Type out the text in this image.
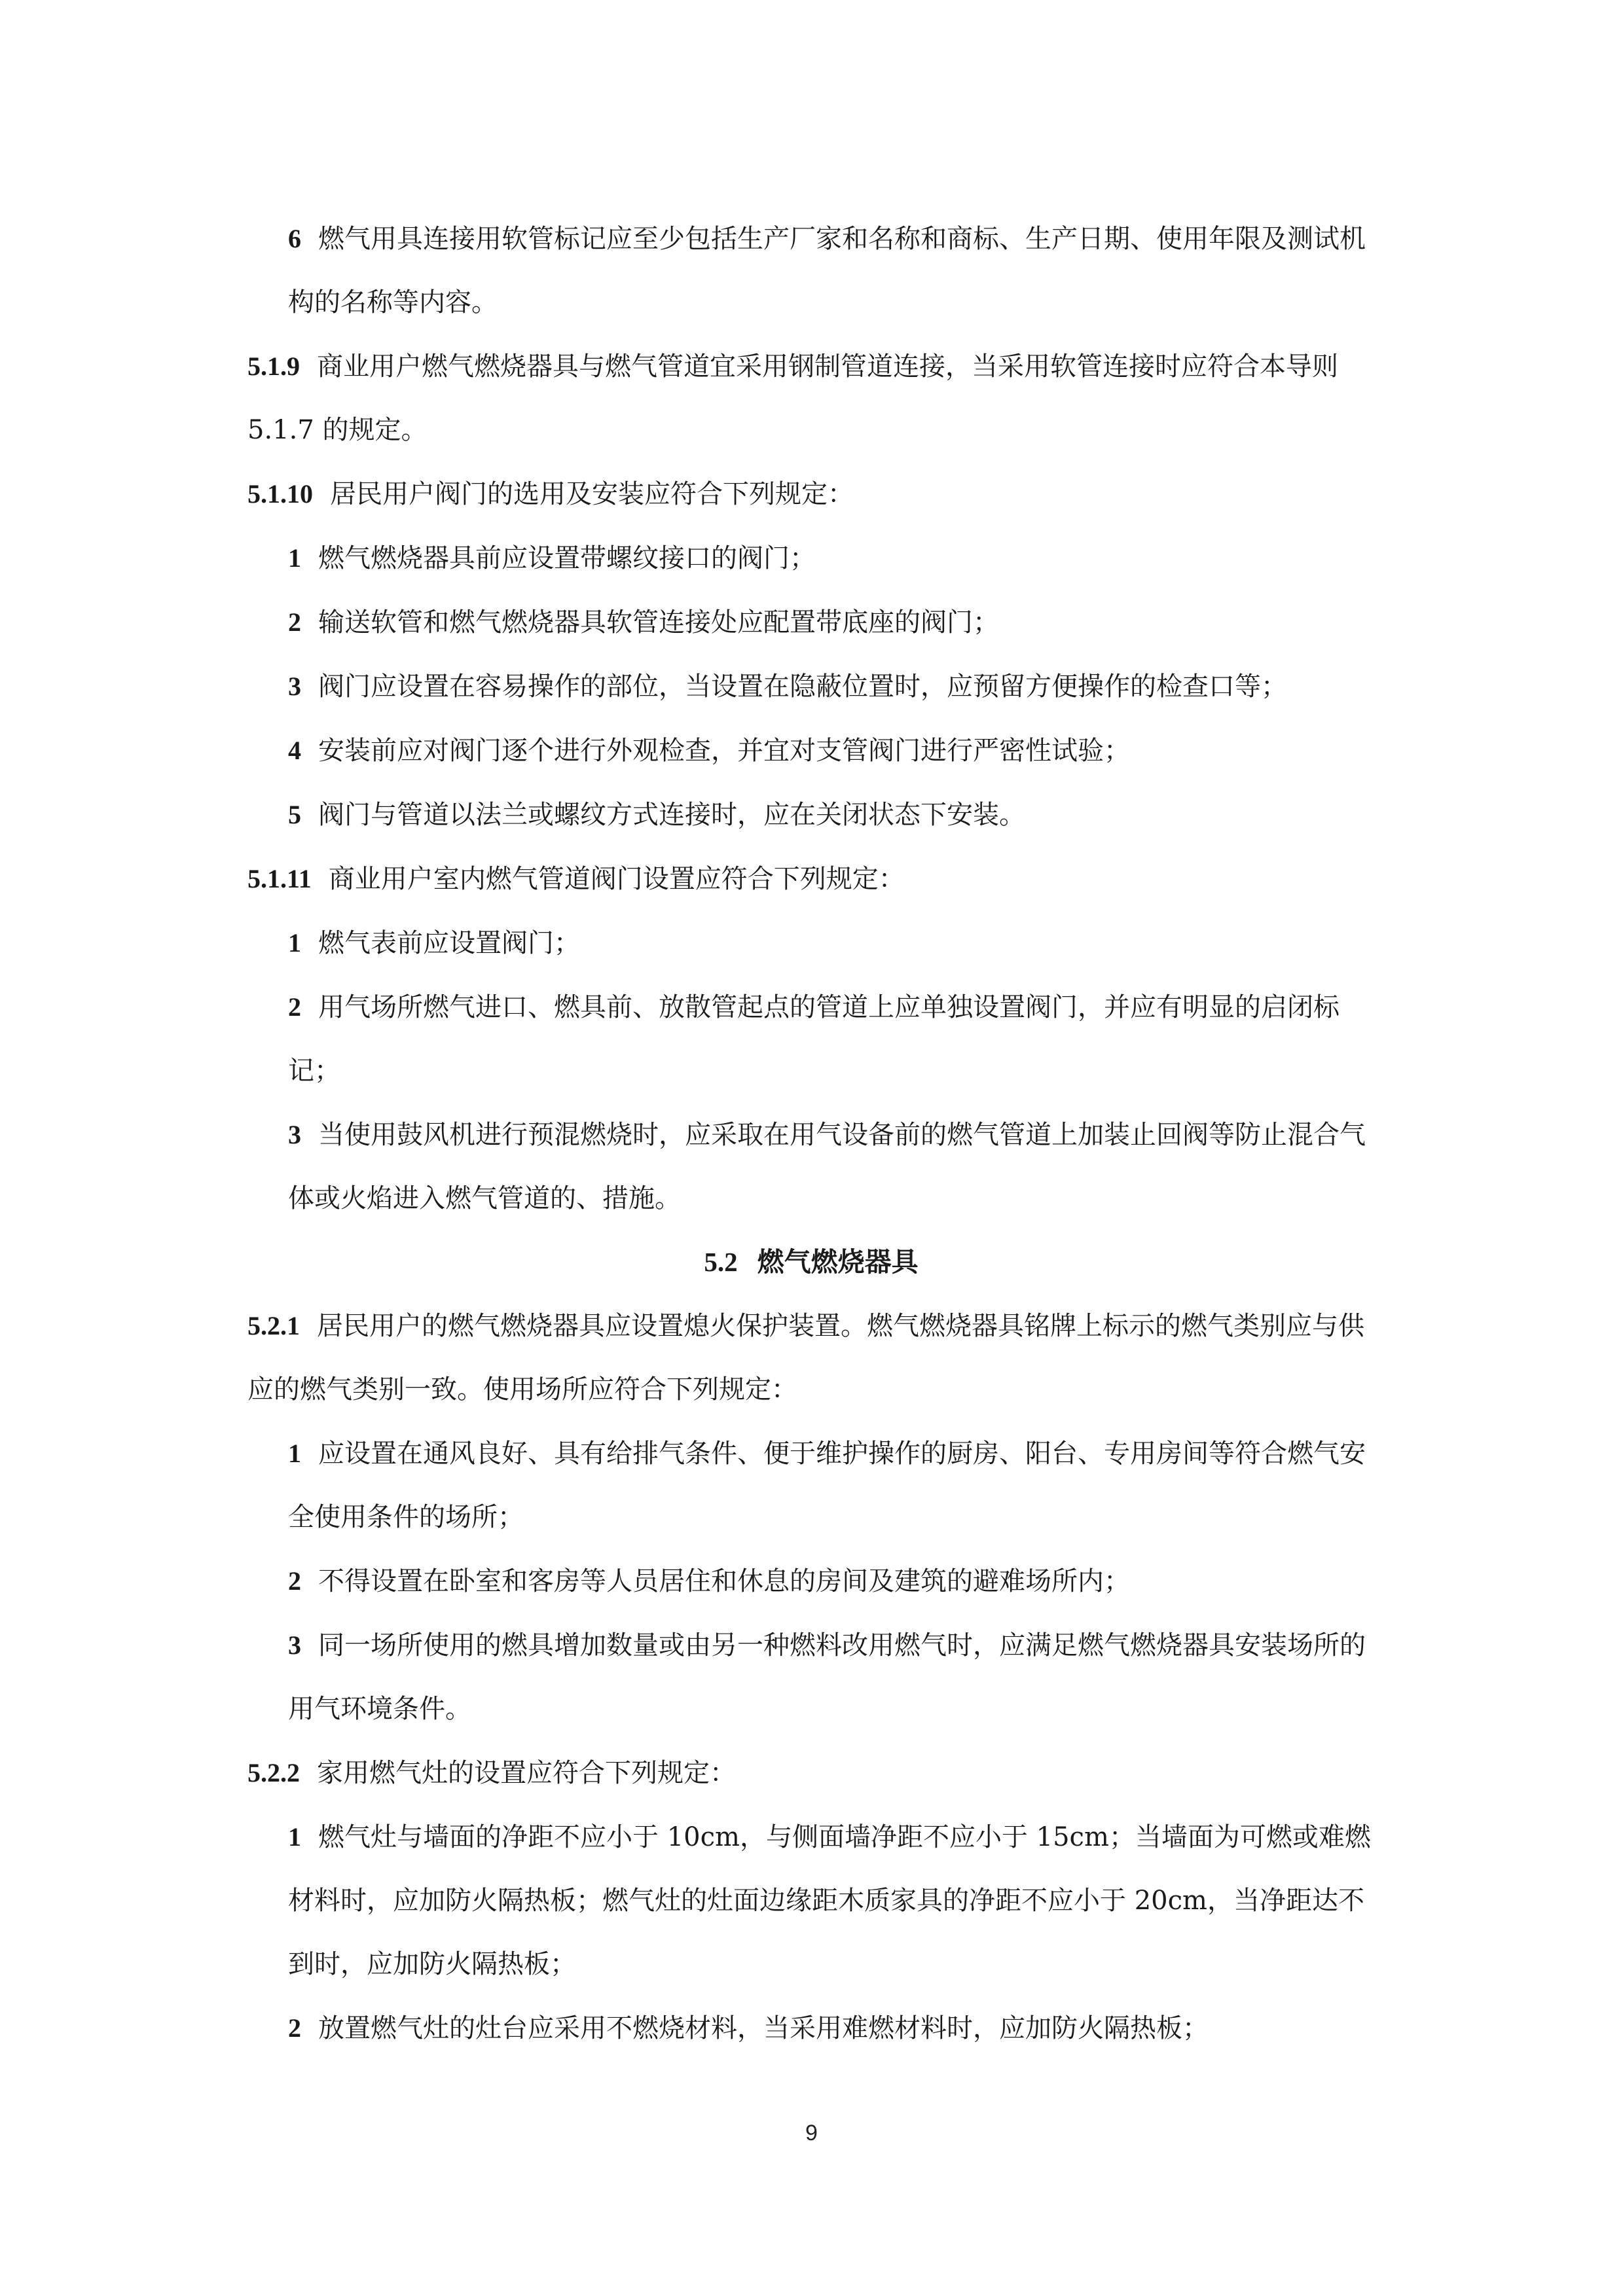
6 燃气用具连接用软管标记应至少包括生产厂家和名称和商标、生产日期、使用年限及测试机构的名称等内容。

5.1.9 商业用户燃气燃烧器具与燃气管道宜采用钢制管道连接，当采用软管连接时应符合本导则 5.1.7 的规定。

5.1.10 居民用户阀门的选用及安装应符合下列规定：

1 燃气燃烧器具前应设置带螺纹接口的阀门；

2 输送软管和燃气燃烧器具软管连接处应配置带底座的阀门；

3 阀门应设置在容易操作的部位，当设置在隐蔽位置时，应预留方便操作的检查口等；

4 安装前应对阀门逐个进行外观检查，并宜对支管阀门进行严密性试验；

5 阀门与管道以法兰或螺纹方式连接时，应在关闭状态下安装。

5.1.11 商业用户室内燃气管道阀门设置应符合下列规定：

1 燃气表前应设置阀门；

2 用气场所燃气进口、燃具前、放散管起点的管道上应单独设置阀门，并应有明显的启闭标记；

3 当使用鼓风机进行预混燃烧时，应采取在用气设备前的燃气管道上加装止回阀等防止混合气体或火焰进入燃气管道的、措施。

5.2 燃气燃烧器具

5.2.1 居民用户的燃气燃烧器具应设置熄火保护装置。燃气燃烧器具铭牌上标示的燃气类别应与供应的燃气类别一致。使用场所应符合下列规定：

1 应设置在通风良好、具有给排气条件、便于维护操作的厨房、阳台、专用房间等符合燃气安全使用条件的场所；

2 不得设置在卧室和客房等人员居住和休息的房间及建筑的避难场所内；

3 同一场所使用的燃具增加数量或由另一种燃料改用燃气时，应满足燃气燃烧器具安装场所的用气环境条件。

5.2.2 家用燃气灶的设置应符合下列规定：

1 燃气灶与墙面的净距不应小于 10cm，与侧面墙净距不应小于 15cm；当墙面为可燃或难燃材料时，应加防火隔热板；燃气灶的灶面边缘距木质家具的净距不应小于 20cm，当净距达不到时，应加防火隔热板；

2 放置燃气灶的灶台应采用不燃烧材料，当采用难燃材料时，应加防火隔热板；

9
